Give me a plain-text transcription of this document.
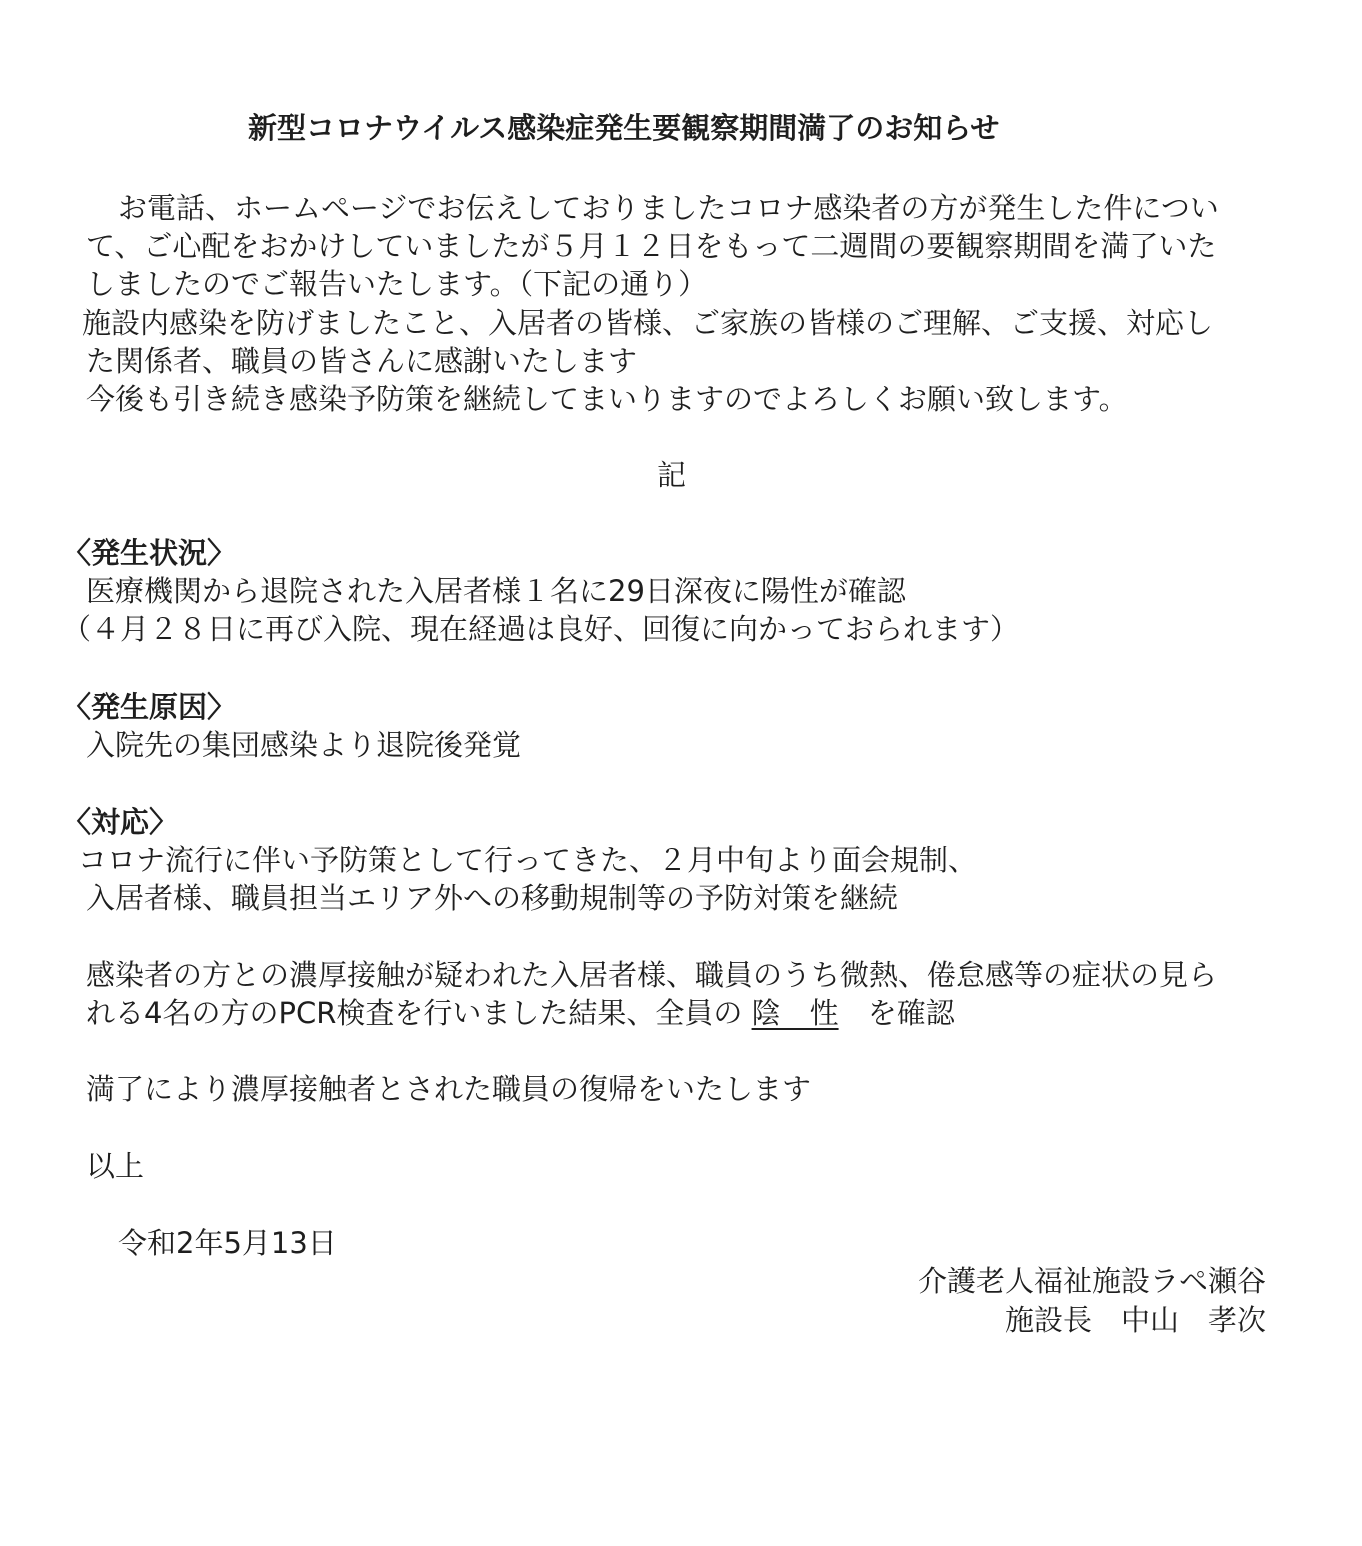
新型コロナウイルス感染症発生要観察期間満了のお知らせ
お電話、ホームページでお伝えしておりましたコロナ感染者の方が発生した件につい
て、ご心配をおかけしていましたが５月１２日をもって二週間の要観察期間を満了いた
しましたのでご報告いたします。（下記の通り）
施設内感染を防げましたこと、入居者の皆様、ご家族の皆様のご理解、ご支援、対応し
た関係者、職員の皆さんに感謝いたします
今後も引き続き感染予防策を継続してまいりますのでよろしくお願い致します。
記
〈発生状況〉
医療機関から退院された入居者様１名に29日深夜に陽性が確認
（４月２８日に再び入院、現在経過は良好、回復に向かっておられます）
〈発生原因〉
入院先の集団感染より退院後発覚
〈対応〉
コロナ流行に伴い予防策として行ってきた、２月中旬より面会規制、
入居者様、職員担当エリア外への移動規制等の予防対策を継続
感染者の方との濃厚接触が疑われた入居者様、職員のうち微熱、倦怠感等の症状の見ら
れる4名の方のPCR検査を行いました結果、全員の 陰　性 を確認
満了により濃厚接触者とされた職員の復帰をいたします
以上
令和2年5月13日
介護老人福祉施設ラペ瀬谷
施設長　中山　孝次
